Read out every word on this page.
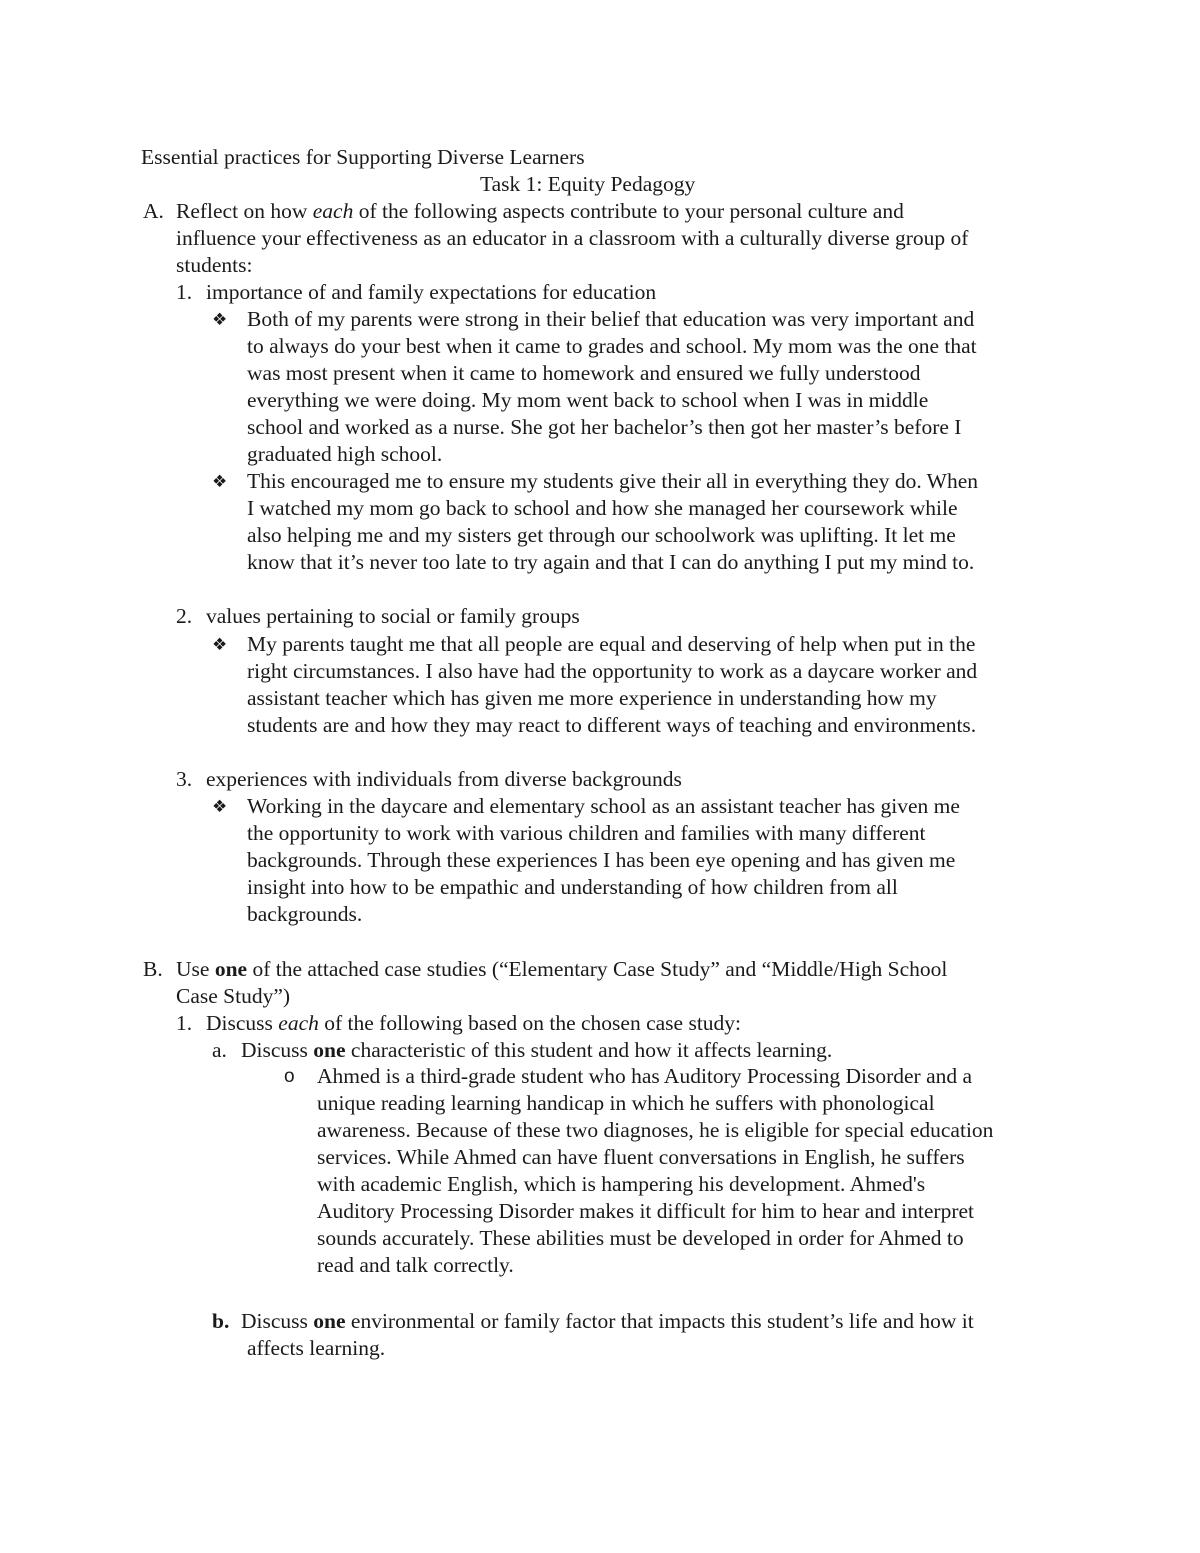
Essential practices for Supporting Diverse Learners
Task 1: Equity Pedagogy
A. Reflect on how each of the following aspects contribute to your personal culture and
influence your effectiveness as an educator in a classroom with a culturally diverse group of
students:
1. importance of and family expectations for education
❖ Both of my parents were strong in their belief that education was very important and
to always do your best when it came to grades and school. My mom was the one that
was most present when it came to homework and ensured we fully understood
everything we were doing. My mom went back to school when I was in middle
school and worked as a nurse. She got her bachelor’s then got her master’s before I
graduated high school.
❖ This encouraged me to ensure my students give their all in everything they do. When
I watched my mom go back to school and how she managed her coursework while
also helping me and my sisters get through our schoolwork was uplifting. It let me
know that it’s never too late to try again and that I can do anything I put my mind to.
2. values pertaining to social or family groups
❖ My parents taught me that all people are equal and deserving of help when put in the
right circumstances. I also have had the opportunity to work as a daycare worker and
assistant teacher which has given me more experience in understanding how my
students are and how they may react to different ways of teaching and environments.
3. experiences with individuals from diverse backgrounds
❖ Working in the daycare and elementary school as an assistant teacher has given me
the opportunity to work with various children and families with many different
backgrounds. Through these experiences I has been eye opening and has given me
insight into how to be empathic and understanding of how children from all
backgrounds.
B. Use one of the attached case studies (“Elementary Case Study” and “Middle/High School
Case Study”)
1. Discuss each of the following based on the chosen case study:
a. Discuss one characteristic of this student and how it affects learning.
o Ahmed is a third-grade student who has Auditory Processing Disorder and a
unique reading learning handicap in which he suffers with phonological
awareness. Because of these two diagnoses, he is eligible for special education
services. While Ahmed can have fluent conversations in English, he suffers
with academic English, which is hampering his development. Ahmed's
Auditory Processing Disorder makes it difficult for him to hear and interpret
sounds accurately. These abilities must be developed in order for Ahmed to
read and talk correctly.
b. Discuss one environmental or family factor that impacts this student’s life and how it
affects learning.
